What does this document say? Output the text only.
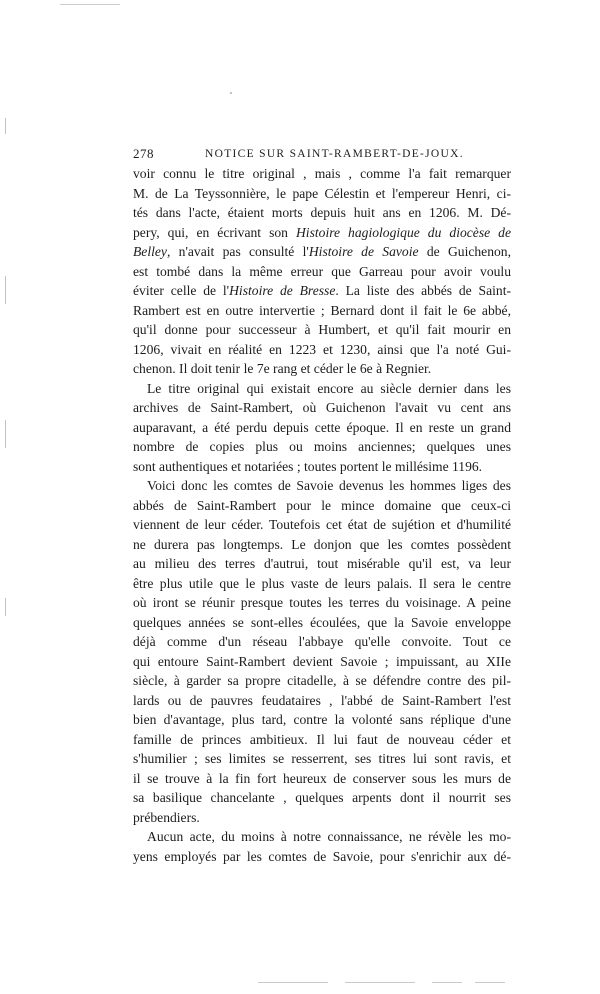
278	NOTICE SUR SAINT-RAMBERT-DE-JOUX.
voir connu le titre original , mais , comme l'a fait remarquer
M. de La Teyssonnière, le pape Célestin et l'empereur Henri, ci-
tés dans l'acte, étaient morts depuis huit ans en 1206. M. Dé-
pery, qui, en écrivant son Histoire hagiologique du diocèse de
Belley, n'avait pas consulté l'Histoire de Savoie de Guichenon,
est tombé dans la même erreur que Garreau pour avoir voulu
éviter celle de l'Histoire de Bresse. La liste des abbés de Saint-
Rambert est en outre intervertie ; Bernard dont il fait le 6e abbé,
qu'il donne pour successeur à Humbert, et qu'il fait mourir en
1206, vivait en réalité en 1223 et 1230, ainsi que l'a noté Gui-
chenon. Il doit tenir le 7e rang et céder le 6e à Regnier.
Le titre original qui existait encore au siècle dernier dans les
archives de Saint-Rambert, où Guichenon l'avait vu cent ans
auparavant, a été perdu depuis cette époque. Il en reste un grand
nombre de copies plus ou moins anciennes; quelques unes
sont authentiques et notariées ; toutes portent le millésime 1196.
Voici donc les comtes de Savoie devenus les hommes liges des
abbés de Saint-Rambert pour le mince domaine que ceux-ci
viennent de leur céder. Toutefois cet état de sujétion et d'humilité
ne durera pas longtemps. Le donjon que les comtes possèdent
au milieu des terres d'autrui, tout misérable qu'il est, va leur
être plus utile que le plus vaste de leurs palais. Il sera le centre
où iront se réunir presque toutes les terres du voisinage. A peine
quelques années se sont-elles écoulées, que la Savoie enveloppe
déjà comme d'un réseau l'abbaye qu'elle convoite. Tout ce
qui entoure Saint-Rambert devient Savoie ; impuissant, au XIIe
siècle, à garder sa propre citadelle, à se défendre contre des pil-
lards ou de pauvres feudataires , l'abbé de Saint-Rambert l'est
bien d'avantage, plus tard, contre la volonté sans réplique d'une
famille de princes ambitieux. Il lui faut de nouveau céder et
s'humilier ; ses limites se resserrent, ses titres lui sont ravis, et
il se trouve à la fin fort heureux de conserver sous les murs de
sa basilique chancelante , quelques arpents dont il nourrit ses
prébendiers.
Aucun acte, du moins à notre connaissance, ne révèle les mo-
yens employés par les comtes de Savoie, pour s'enrichir aux dé-
